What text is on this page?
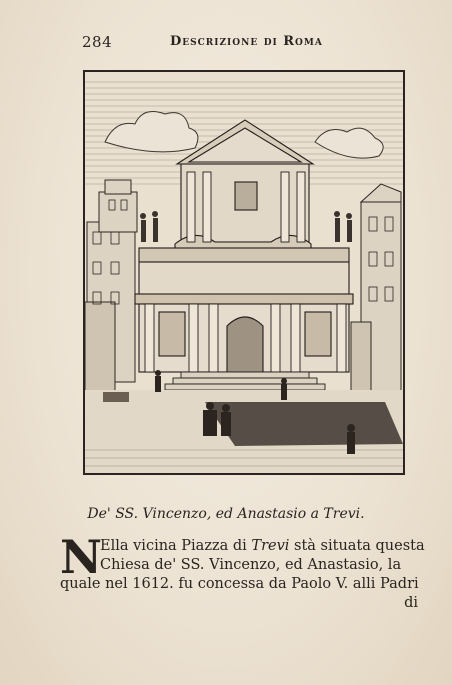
284	Descrizione di Roma
De' SS. Vincenzo, ed Anastasio a Trevi.
N
Ella vicina Piazza di Trevi stà situata questa
Chiesa de' SS. Vincenzo, ed Anastasio, la
quale nel 1612. fu concessa da Paolo V. alli Padri
di
